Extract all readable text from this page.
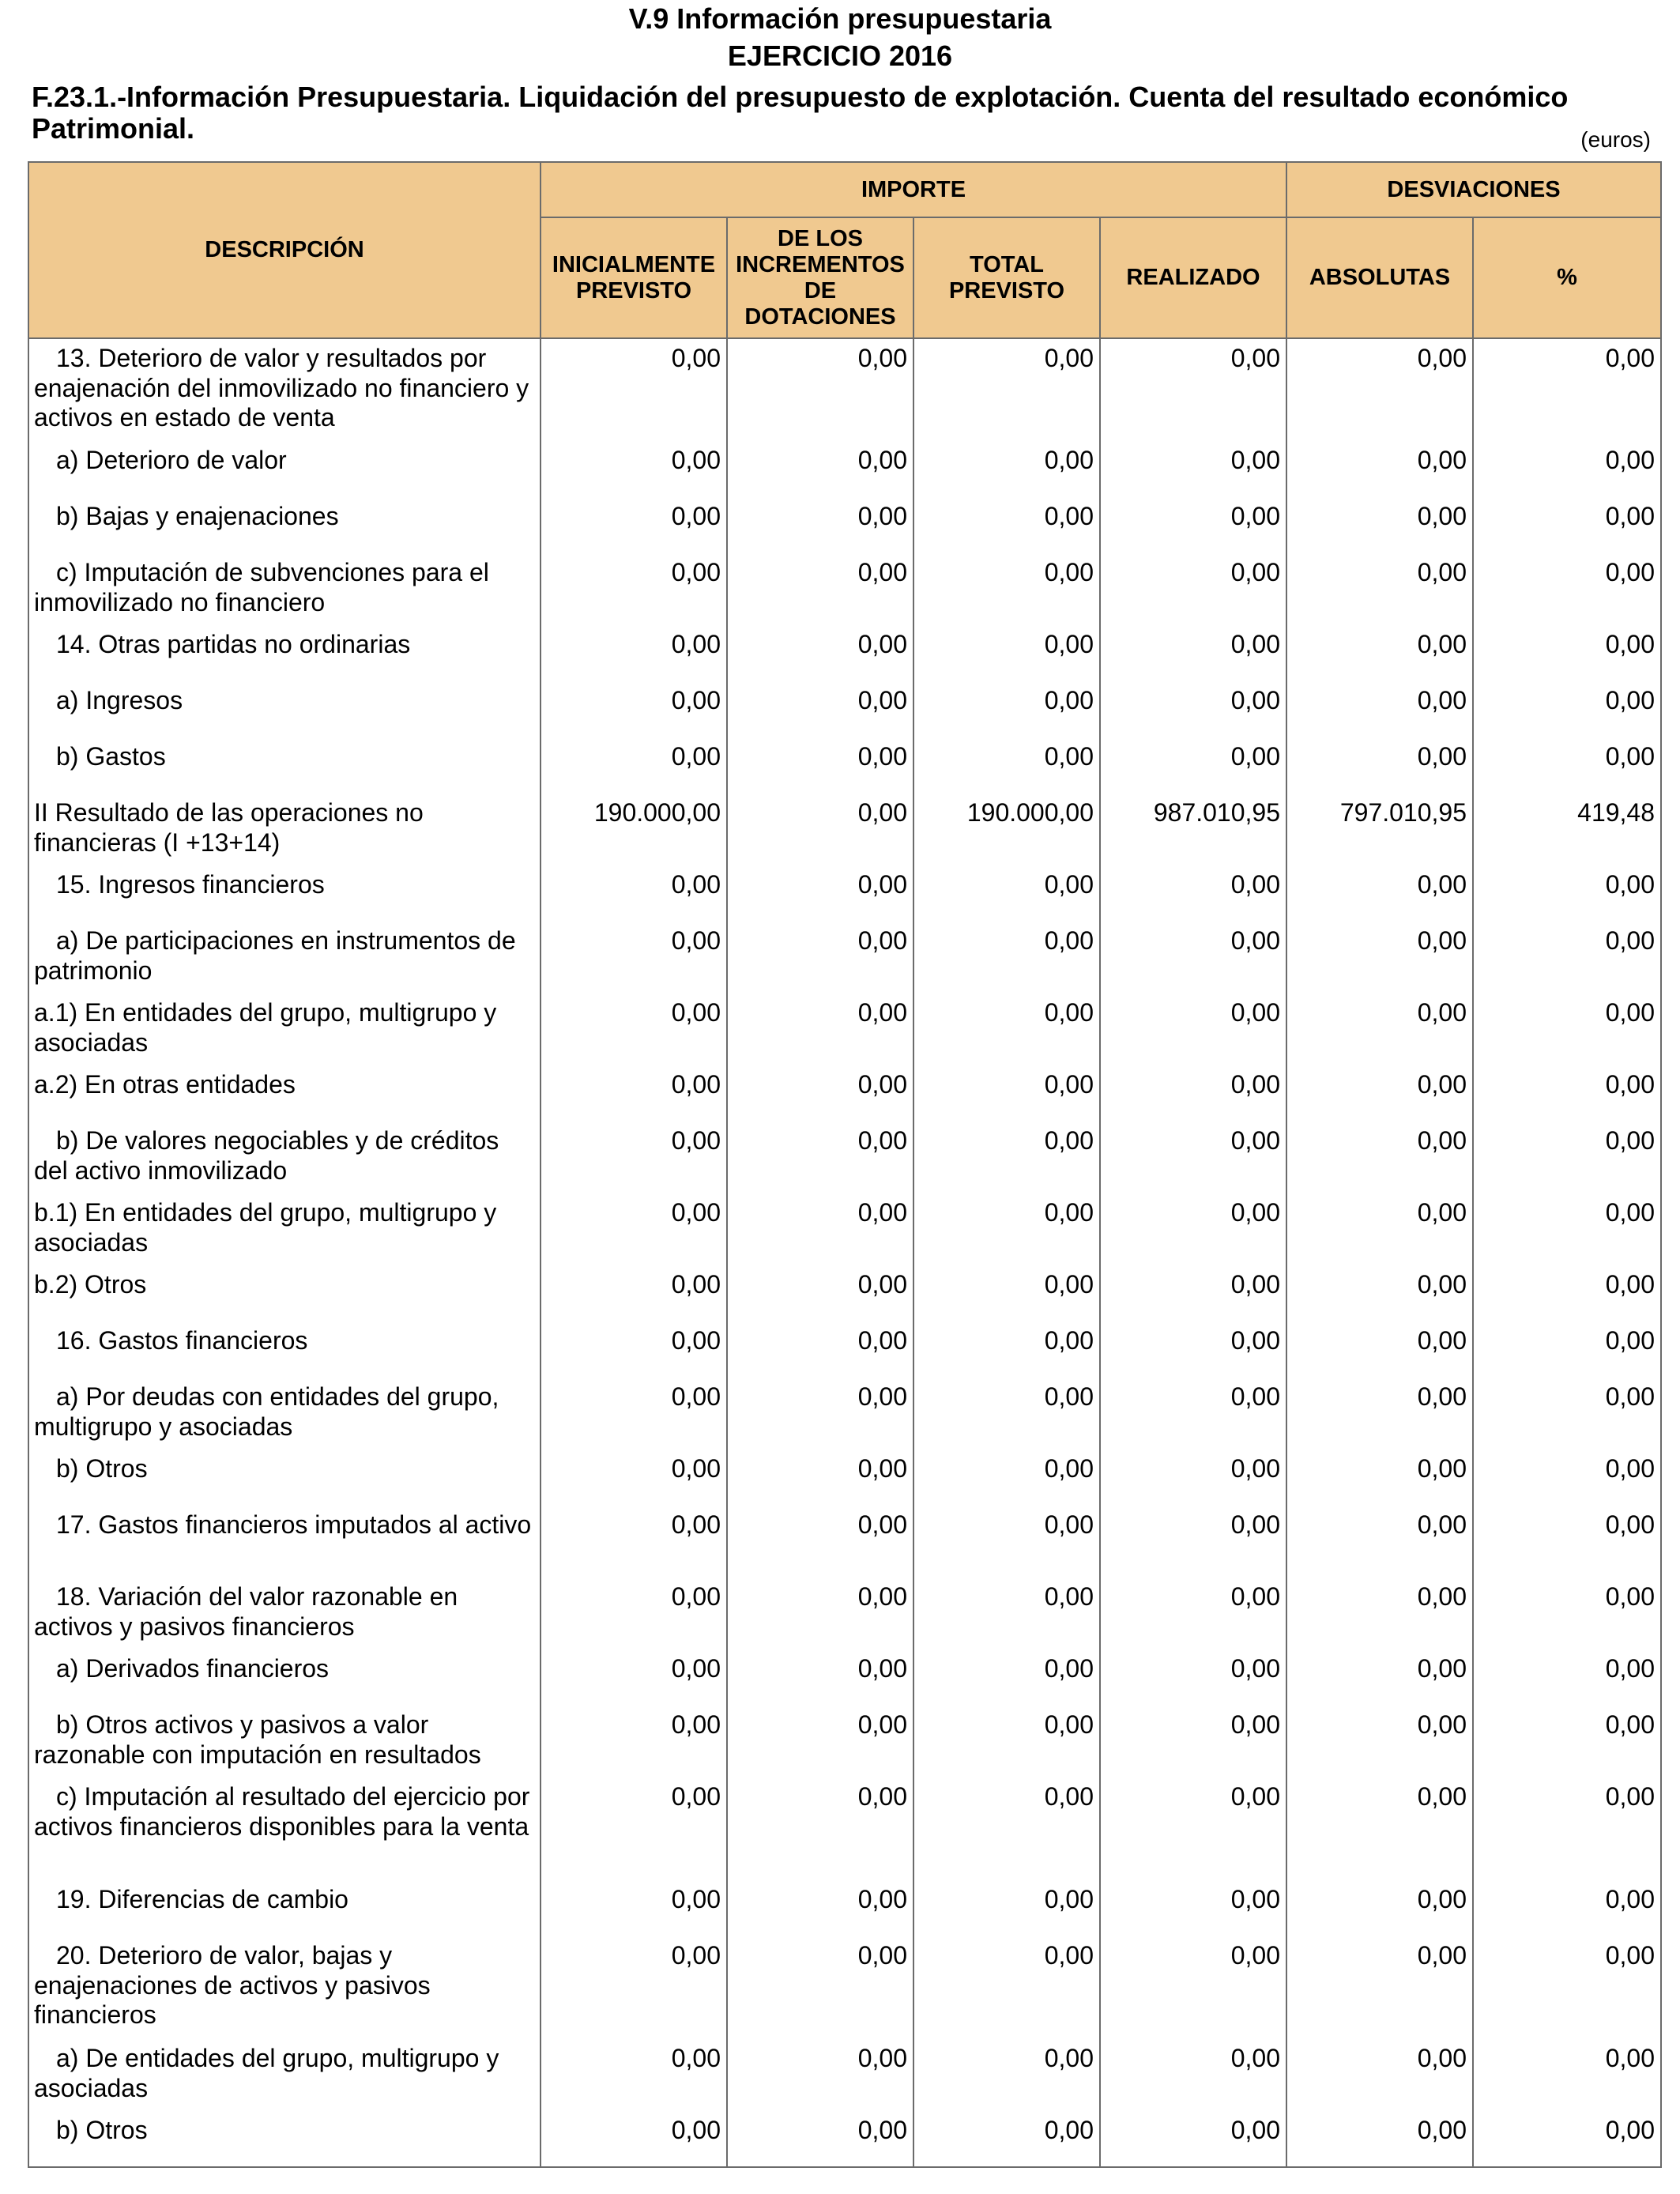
V.9 Información presupuestaria
EJERCICIO 2016
F.23.1.-Información Presupuestaria. Liquidación del presupuesto de explotación. Cuenta del resultado económico Patrimonial.	(euros)
DESCRIPCIÓN	IMPORTE				DESVIACIONES	
	INICIALMENTE PREVISTO	DE LOS INCREMENTOS DE DOTACIONES	TOTAL PREVISTO	REALIZADO	ABSOLUTAS	%
13. Deterioro de valor y resultados por enajenación del inmovilizado no financiero y activos en estado de venta	0,00	0,00	0,00	0,00	0,00	0,00
a) Deterioro de valor	0,00	0,00	0,00	0,00	0,00	0,00
b) Bajas y enajenaciones	0,00	0,00	0,00	0,00	0,00	0,00
c) Imputación de subvenciones para el inmovilizado no financiero	0,00	0,00	0,00	0,00	0,00	0,00
14. Otras partidas no ordinarias	0,00	0,00	0,00	0,00	0,00	0,00
a) Ingresos	0,00	0,00	0,00	0,00	0,00	0,00
b) Gastos	0,00	0,00	0,00	0,00	0,00	0,00
II Resultado de las operaciones no financieras (I +13+14)	190.000,00	0,00	190.000,00	987.010,95	797.010,95	419,48
15. Ingresos financieros	0,00	0,00	0,00	0,00	0,00	0,00
a) De participaciones en instrumentos de patrimonio	0,00	0,00	0,00	0,00	0,00	0,00
a.1) En entidades del grupo, multigrupo y asociadas	0,00	0,00	0,00	0,00	0,00	0,00
a.2) En otras entidades	0,00	0,00	0,00	0,00	0,00	0,00
b) De valores negociables y de créditos del activo inmovilizado	0,00	0,00	0,00	0,00	0,00	0,00
b.1) En entidades del grupo, multigrupo y asociadas	0,00	0,00	0,00	0,00	0,00	0,00
b.2) Otros	0,00	0,00	0,00	0,00	0,00	0,00
16. Gastos financieros	0,00	0,00	0,00	0,00	0,00	0,00
a) Por deudas con entidades del grupo, multigrupo y asociadas	0,00	0,00	0,00	0,00	0,00	0,00
b) Otros	0,00	0,00	0,00	0,00	0,00	0,00
17. Gastos financieros imputados al activo	0,00	0,00	0,00	0,00	0,00	0,00
18. Variación del valor razonable en activos y pasivos financieros	0,00	0,00	0,00	0,00	0,00	0,00
a) Derivados financieros	0,00	0,00	0,00	0,00	0,00	0,00
b) Otros activos y pasivos a valor razonable con imputación en resultados	0,00	0,00	0,00	0,00	0,00	0,00
c) Imputación al resultado del ejercicio por activos financieros disponibles para la venta	0,00	0,00	0,00	0,00	0,00	0,00
19. Diferencias de cambio	0,00	0,00	0,00	0,00	0,00	0,00
20. Deterioro de valor, bajas y enajenaciones de activos y pasivos financieros	0,00	0,00	0,00	0,00	0,00	0,00
a) De entidades del grupo, multigrupo y asociadas	0,00	0,00	0,00	0,00	0,00	0,00
b) Otros	0,00	0,00	0,00	0,00	0,00	0,00
